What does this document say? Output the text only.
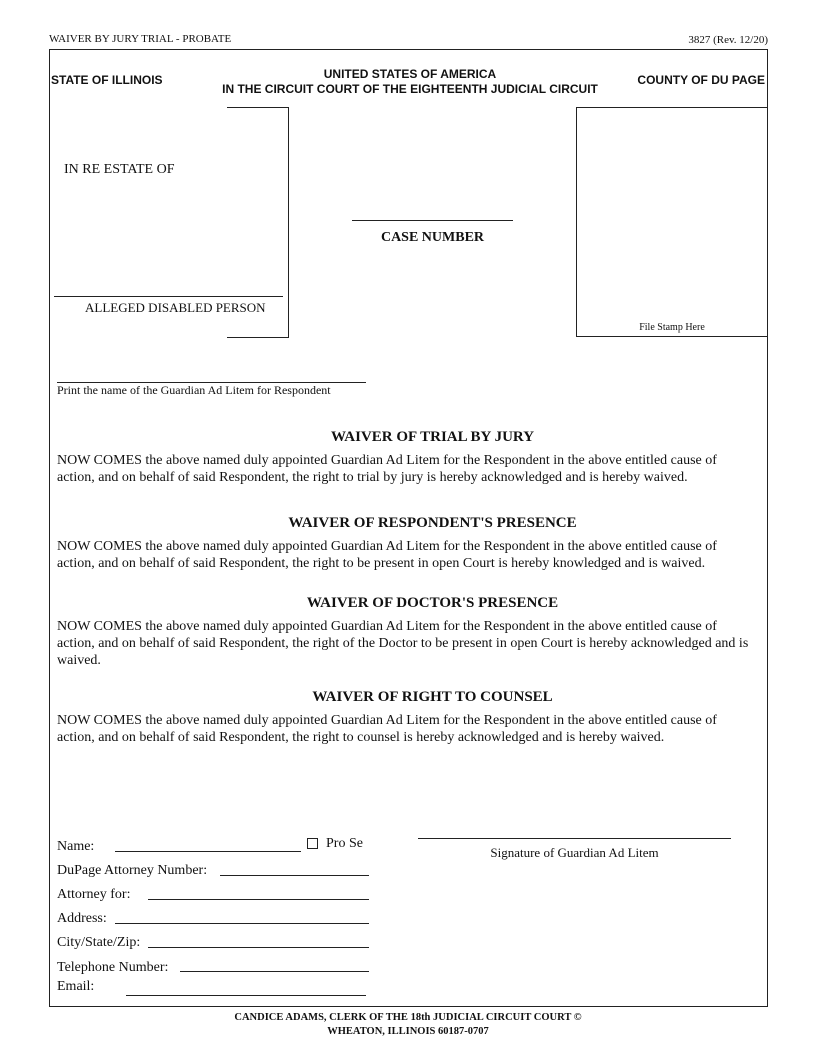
WAIVER BY JURY TRIAL - PROBATE	3827 (Rev. 12/20)
STATE OF ILLINOIS	UNITED STATES OF AMERICA
IN THE CIRCUIT COURT OF THE EIGHTEENTH JUDICIAL CIRCUIT
COUNTY OF DU PAGE
IN RE ESTATE OF
ALLEGED DISABLED PERSON
CASE NUMBER
File Stamp Here
Print the name of the Guardian Ad Litem for Respondent
WAIVER OF TRIAL BY JURY
NOW COMES the above named duly appointed Guardian Ad Litem for the Respondent in the above entitled cause of action, and on behalf of said Respondent, the right to trial by jury is hereby acknowledged and is hereby waived.
WAIVER OF RESPONDENT'S PRESENCE
NOW COMES the above named duly appointed Guardian Ad Litem for the Respondent in the above entitled cause of action, and on behalf of said Respondent, the right to be present in open Court is hereby knowledged and is waived.
WAIVER OF DOCTOR'S PRESENCE
NOW COMES the above named duly appointed Guardian Ad Litem for the Respondent in the above entitled cause of action, and on behalf of said Respondent, the right of the Doctor to be present in open Court is hereby acknowledged and is waived.
WAIVER OF RIGHT TO COUNSEL
NOW COMES the above named duly appointed Guardian Ad Litem for the Respondent in the above entitled cause of action, and on behalf of said Respondent, the right to counsel is hereby acknowledged and is hereby waived.
Name:	Pro Se
DuPage Attorney Number:
Attorney for:
Address:
City/State/Zip:
Telephone Number:
Email:
Signature of Guardian Ad Litem
CANDICE ADAMS, CLERK OF THE 18th JUDICIAL CIRCUIT COURT ©
WHEATON, ILLINOIS 60187-0707
